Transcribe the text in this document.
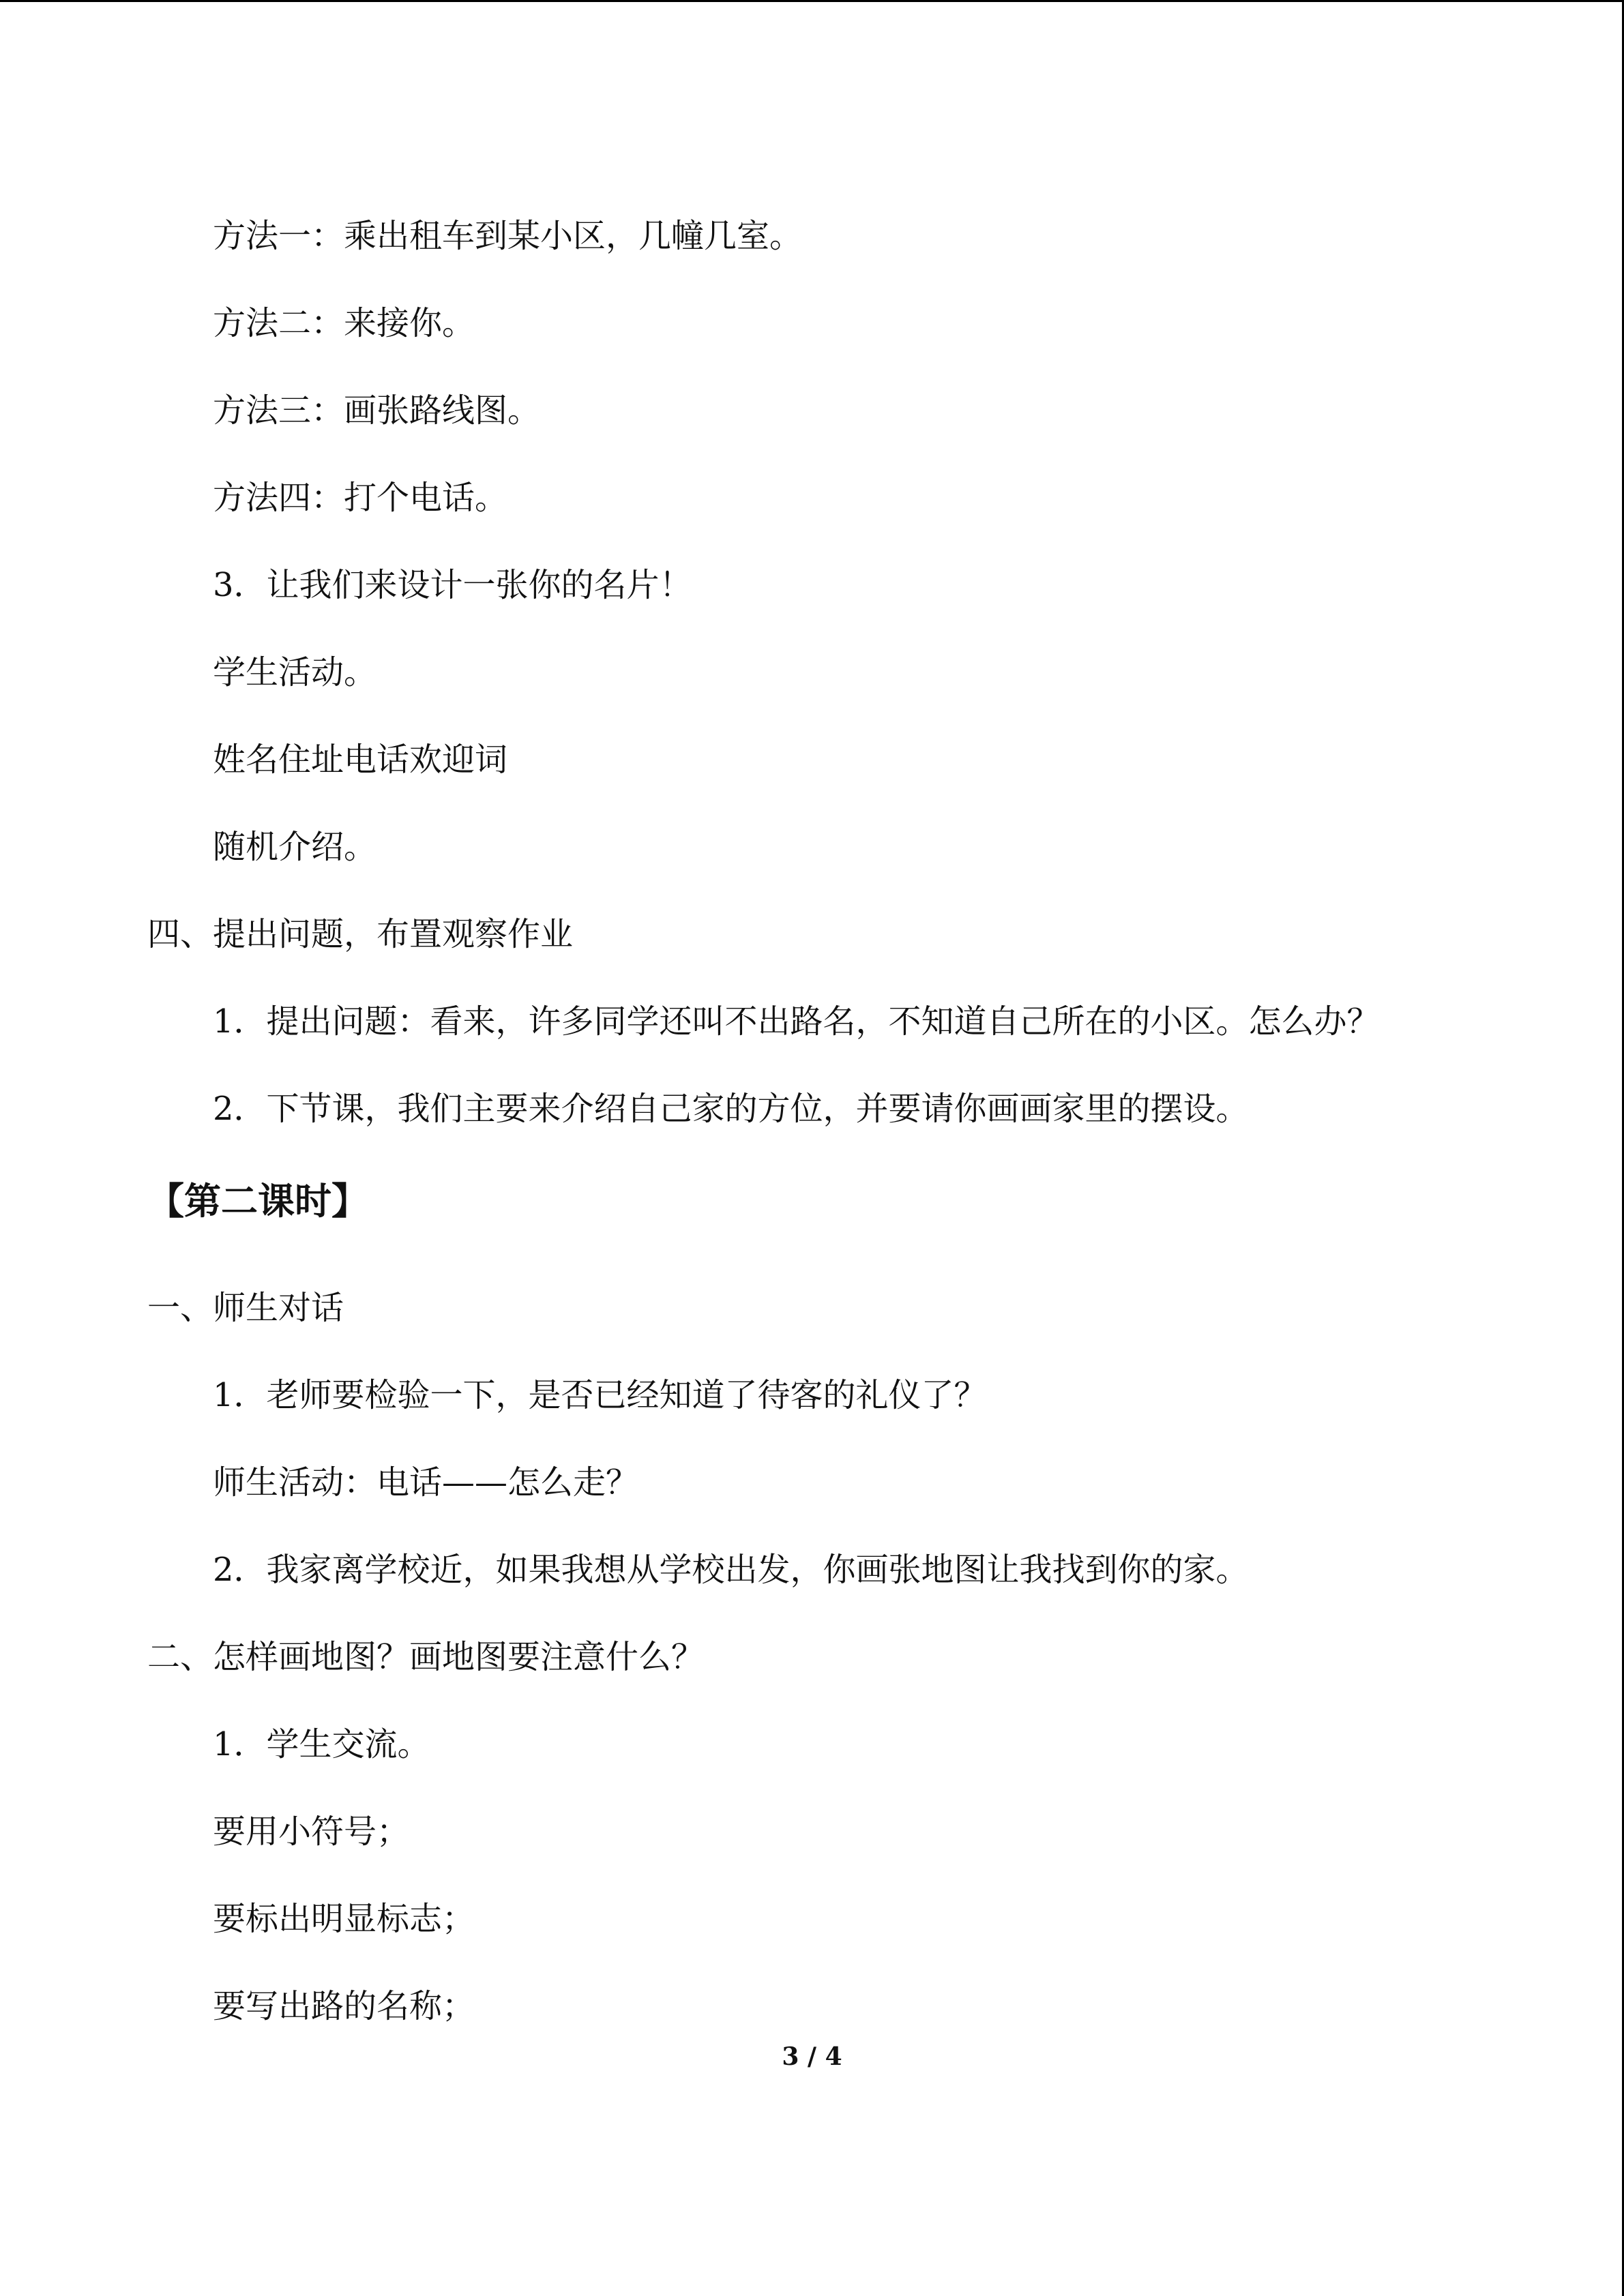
方法一：乘出租车到某小区，几幢几室。
方法二：来接你。
方法三：画张路线图。
方法四：打个电话。
3．让我们来设计一张你的名片！
学生活动。
姓名住址电话欢迎词
随机介绍。
四、提出问题，布置观察作业
1．提出问题：看来，许多同学还叫不出路名，不知道自己所在的小区。怎么办？
2．下节课，我们主要来介绍自己家的方位，并要请你画画家里的摆设。
【第二课时】
一、师生对话
1．老师要检验一下，是否已经知道了待客的礼仪了？
师生活动：电话——怎么走？
2．我家离学校近，如果我想从学校出发，你画张地图让我找到你的家。
二、怎样画地图？画地图要注意什么？
1．学生交流。
要用小符号；
要标出明显标志；
要写出路的名称；
3 / 4
